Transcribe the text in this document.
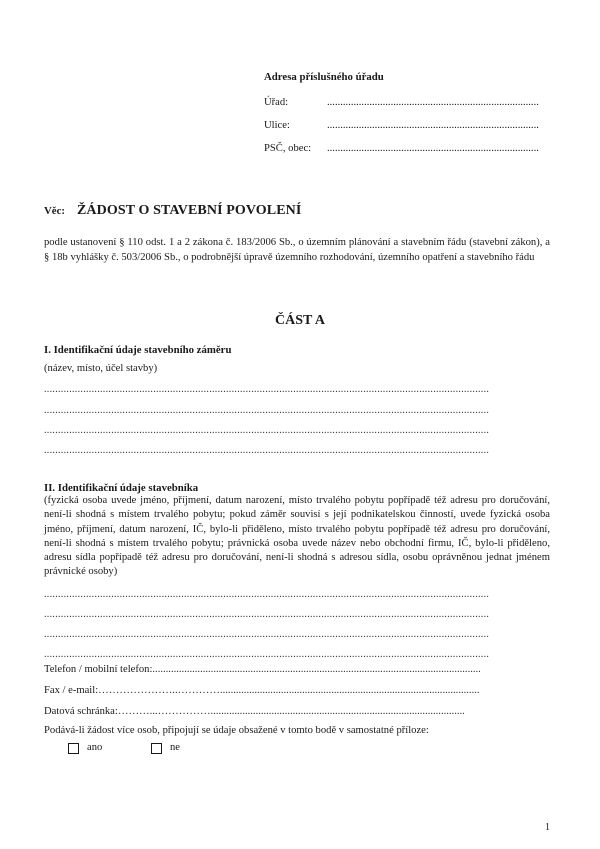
Adresa příslušného úřadu
Úřad:	................................................................................
Ulice:	................................................................................
PSČ, obec:	................................................................................
Věc: ŽÁDOST O STAVEBNÍ POVOLENÍ
podle ustanovení § 110 odst. 1 a 2 zákona č. 183/2006 Sb., o územním plánování a stavebním řádu (stavební zákon), a § 18b vyhlášky č. 503/2006 Sb., o podrobnější úpravě územního rozhodování, územního opatření a stavebního řádu
ČÁST A
I. Identifikační údaje stavebního záměru
(název, místo, účel stavby)
...............................................................................................................................................................
...............................................................................................................................................................
...............................................................................................................................................................
...............................................................................................................................................................
II. Identifikační údaje stavebníka
(fyzická osoba uvede jméno, příjmení, datum narození, místo trvalého pobytu popřípadě též adresu pro doručování, není-li shodná s místem trvalého pobytu; pokud záměr souvisí s její podnikatelskou činností, uvede fyzická osoba jméno, příjmení, datum narození, IČ, bylo-li přiděleno, místo trvalého pobytu popřípadě též adresu pro doručování, není-li shodná s místem trvalého pobytu; právnická osoba uvede název nebo obchodní firmu, IČ, bylo-li přiděleno, adresu sídla popřípadě též adresu pro doručování, není-li shodná s adresou sídla, osobu oprávněnou jednat jménem právnické osoby)
...............................................................................................................................................................
...............................................................................................................................................................
...............................................................................................................................................................
...............................................................................................................................................................
Telefon / mobilní telefon: ............................................................................................................................
Fax / e-mail: …………………..…………..................................................................................................
Datová schránka: ………...……………................................................................................................
Podává-li žádost více osob, připojují se údaje obsažené v tomto bodě v samostatné příloze:
ano	ne
1
